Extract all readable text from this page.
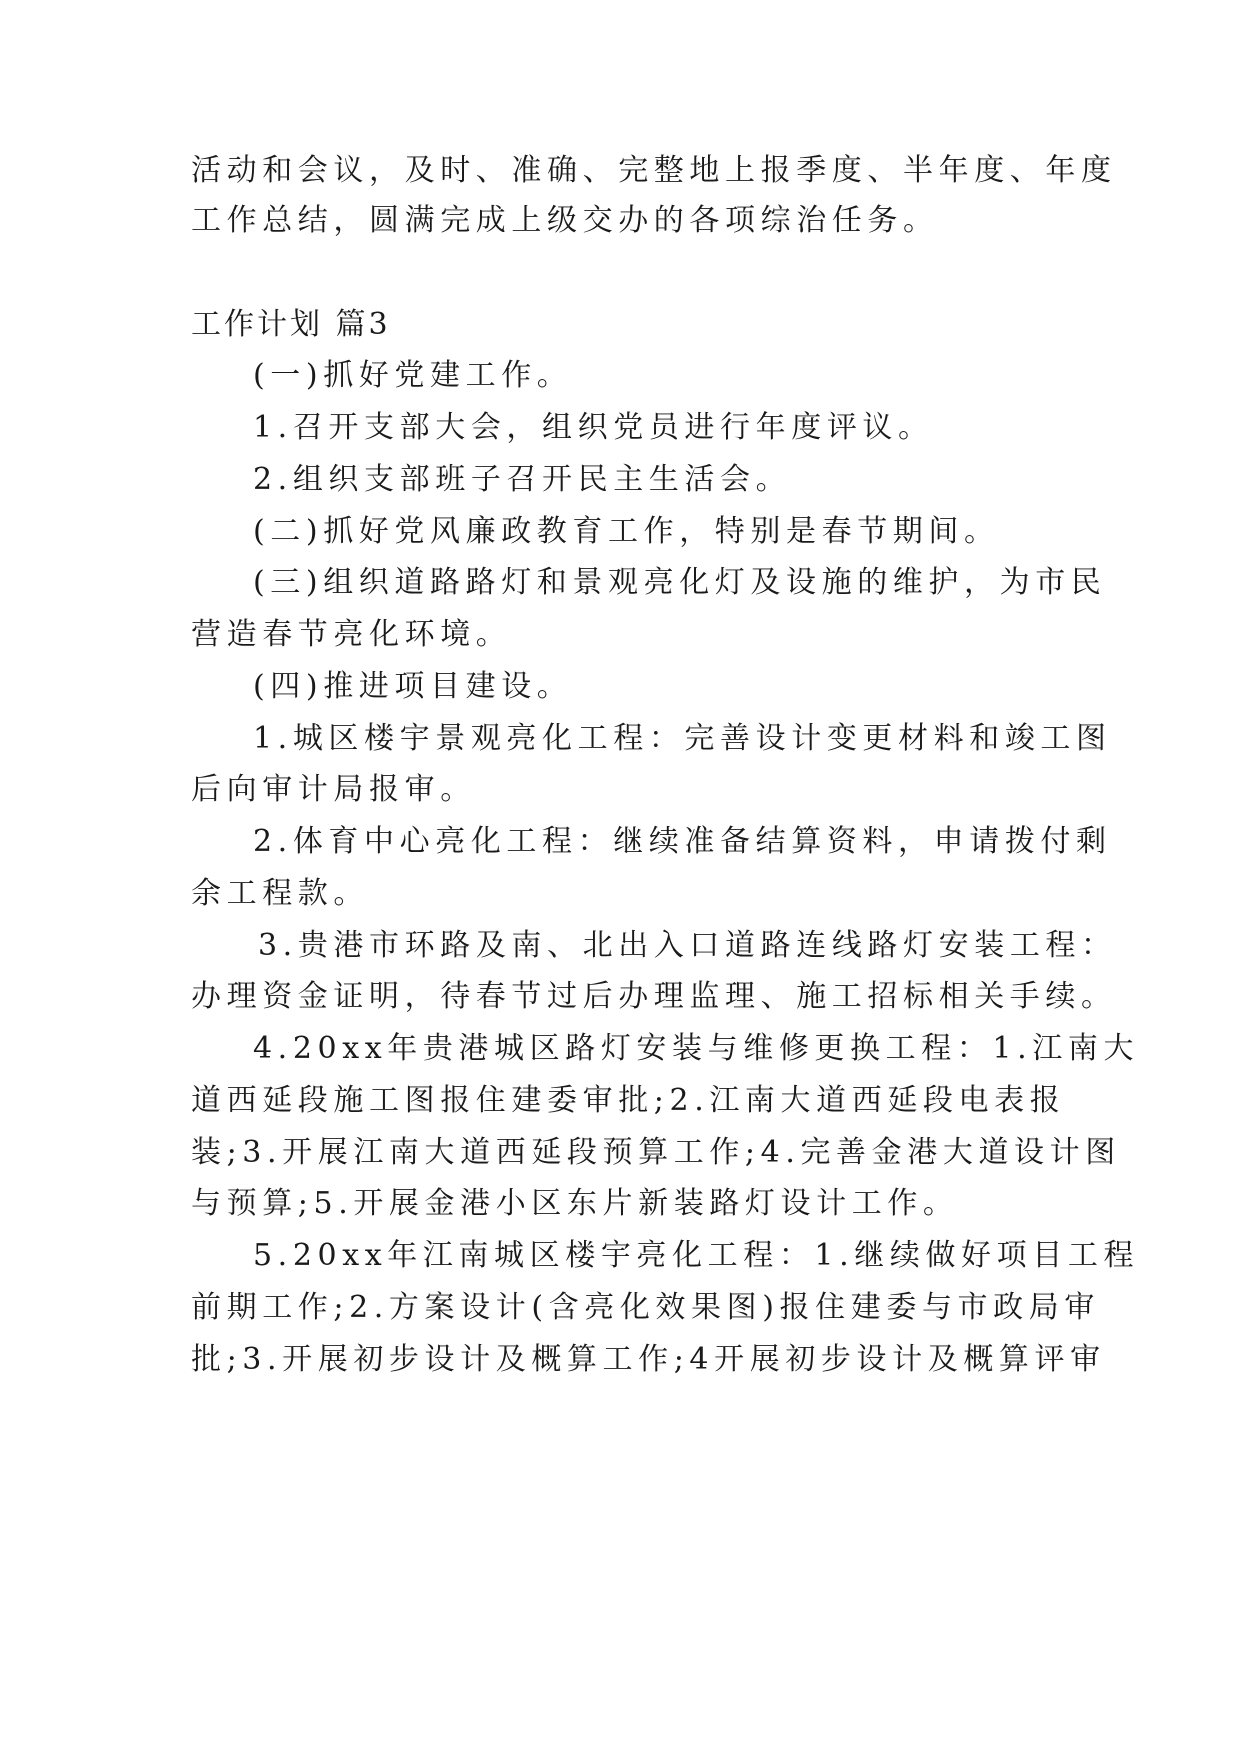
活动和会议，及时、准确、完整地上报季度、半年度、年度
工作总结，圆满完成上级交办的各项综治任务。
工作计划 篇3
(一)抓好党建工作。
1.召开支部大会，组织党员进行年度评议。
2.组织支部班子召开民主生活会。
(二)抓好党风廉政教育工作，特别是春节期间。
(三)组织道路路灯和景观亮化灯及设施的维护，为市民
营造春节亮化环境。
(四)推进项目建设。
1.城区楼宇景观亮化工程：完善设计变更材料和竣工图
后向审计局报审。
2.体育中心亮化工程：继续准备结算资料，申请拨付剩
余工程款。
3.贵港市环路及南、北出入口道路连线路灯安装工程：
办理资金证明，待春节过后办理监理、施工招标相关手续。
4.20xx年贵港城区路灯安装与维修更换工程：1.江南大
道西延段施工图报住建委审批;2.江南大道西延段电表报
装;3.开展江南大道西延段预算工作;4.完善金港大道设计图
与预算;5.开展金港小区东片新装路灯设计工作。
5.20xx年江南城区楼宇亮化工程：1.继续做好项目工程
前期工作;2.方案设计(含亮化效果图)报住建委与市政局审
批;3.开展初步设计及概算工作;4开展初步设计及概算评审
